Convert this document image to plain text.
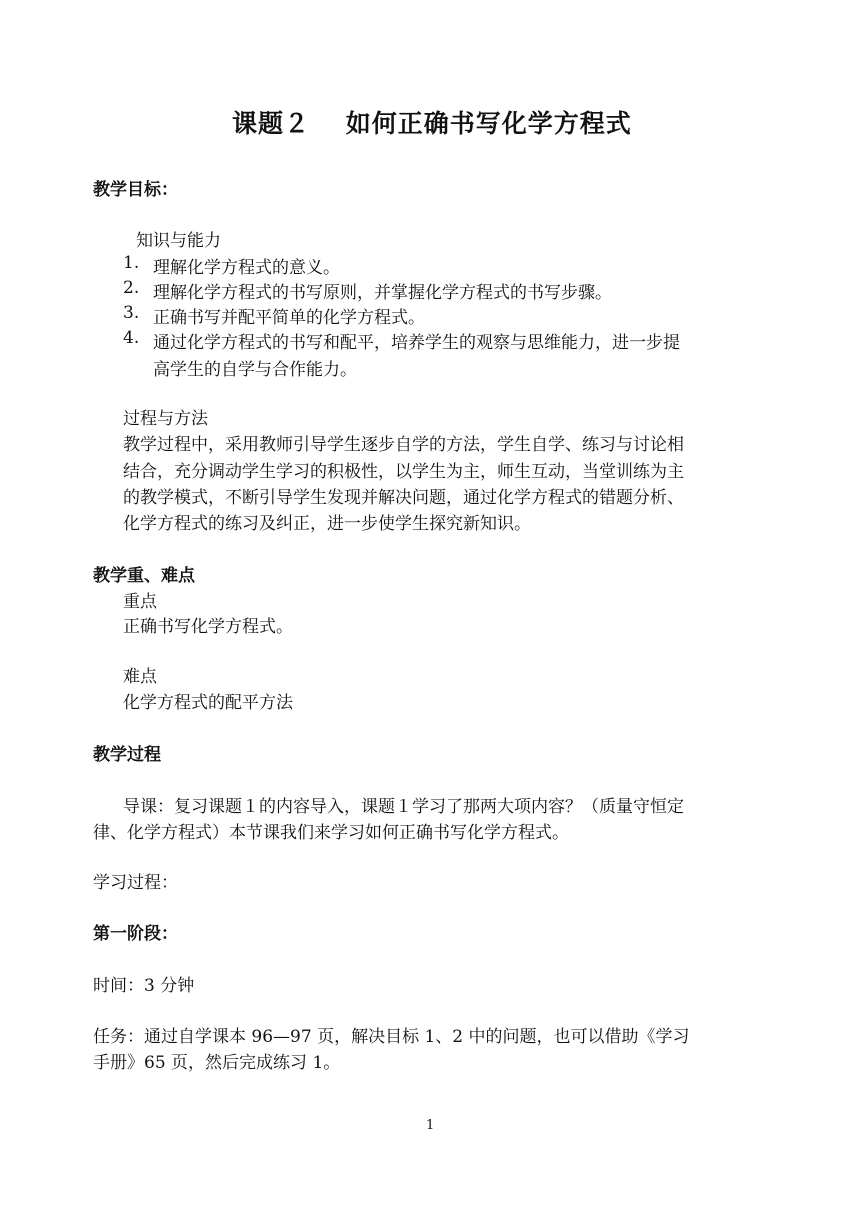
课题２　 如何正确书写化学方程式
教学目标：
知识与能力
1. 理解化学方程式的意义。
2. 理解化学方程式的书写原则，并掌握化学方程式的书写步骤。
3. 正确书写并配平简单的化学方程式。
4. 通过化学方程式的书写和配平，培养学生的观察与思维能力，进一步提
高学生的自学与合作能力。
过程与方法
教学过程中，采用教师引导学生逐步自学的方法，学生自学、练习与讨论相
结合，充分调动学生学习的积极性，以学生为主，师生互动，当堂训练为主
的教学模式，不断引导学生发现并解决问题，通过化学方程式的错题分析、
化学方程式的练习及纠正，进一步使学生探究新知识。
教学重、难点
重点
正确书写化学方程式。
难点
化学方程式的配平方法
教学过程
导课：复习课题１的内容导入，课题１学习了那两大项内容？（质量守恒定
律、化学方程式）本节课我们来学习如何正确书写化学方程式。
学习过程：
第一阶段：
时间：3 分钟
任务：通过自学课本 96—97 页，解决目标 1、2 中的问题，也可以借助《学习
手册》65 页，然后完成练习 1。
1
